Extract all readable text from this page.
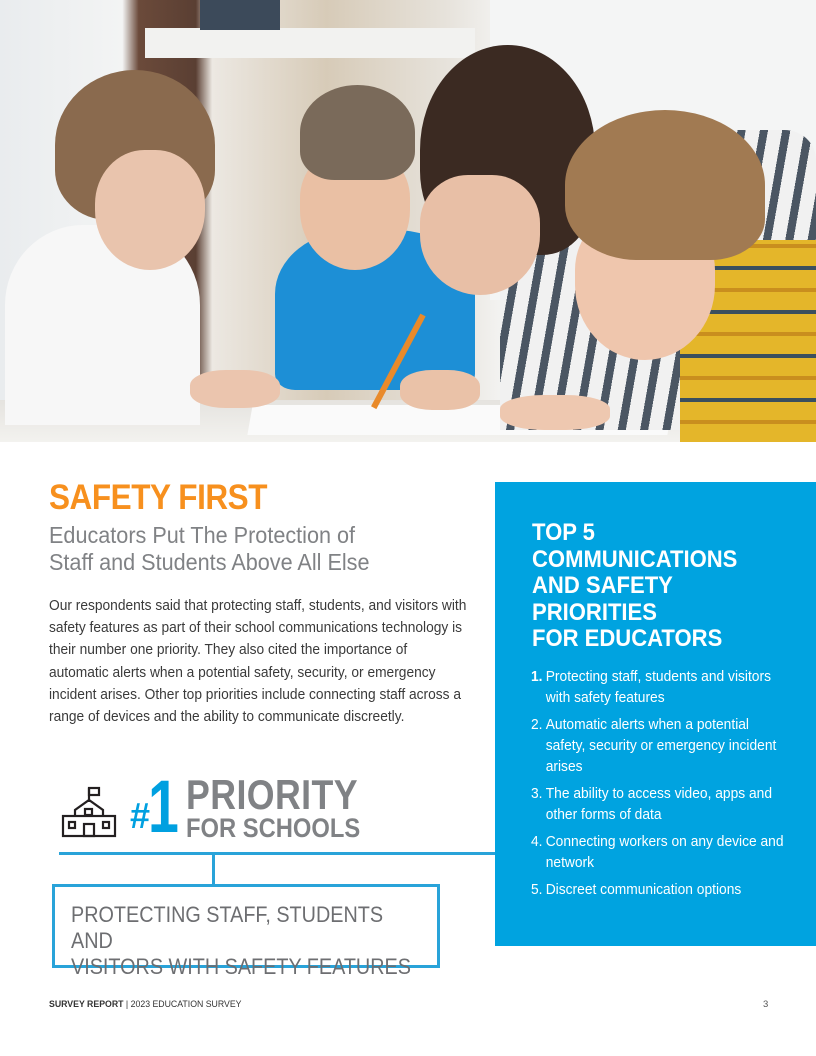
SAFETY FIRST
Educators Put The Protection of
Staff and Students Above All Else

Our respondents said that protecting staff, students, and visitors with safety features as part of their school communications technology is their number one priority. They also cited the importance of automatic alerts when a potential safety, security, or emergency incident arises. Other top priorities include connecting staff across a range of devices and the ability to communicate discreetly.

#
1 PRIORITY
FOR SCHOOLS
PROTECTING STAFF, STUDENTS AND
VISITORS WITH SAFETY FEATURES
TOP 5
COMMUNICATIONS
AND SAFETY
PRIORITIES
FOR EDUCATORS
1. Protecting staff, students and visitors with safety features
2. Automatic alerts when a potential safety, security or emergency incident arises
3. The ability to access video, apps and other forms of data
4. Connecting workers on any device and network
5. Discreet communication options
SURVEY REPORT | 2023 EDUCATION SURVEY	3
